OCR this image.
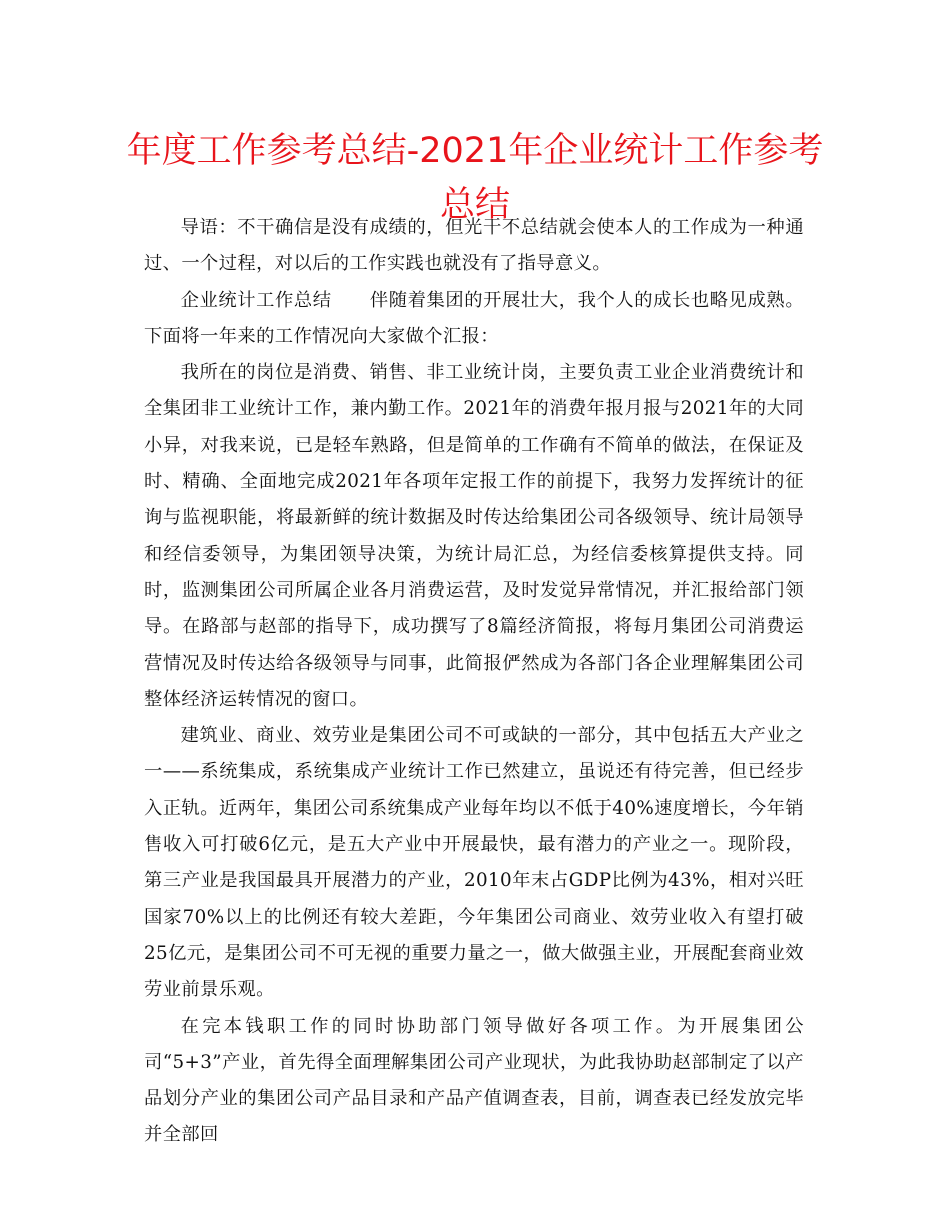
年度工作参考总结-2021年企业统计工作参考总结

导语：不干确信是没有成绩的，但光干不总结就会使本人的工作成为一种通过、一个过程，对以后的工作实践也就没有了指导意义。

企业统计工作总结 伴随着集团的开展壮大，我个人的成长也略见成熟。下面将一年来的工作情况向大家做个汇报：

我所在的岗位是消费、销售、非工业统计岗，主要负责工业企业消费统计和全集团非工业统计工作，兼内勤工作。2021年的消费年报月报与2021年的大同小异，对我来说，已是轻车熟路，但是简单的工作确有不简单的做法，在保证及时、精确、全面地完成2021年各项年定报工作的前提下，我努力发挥统计的征询与监视职能，将最新鲜的统计数据及时传达给集团公司各级领导、统计局领导和经信委领导，为集团领导决策，为统计局汇总，为经信委核算提供支持。同时，监测集团公司所属企业各月消费运营，及时发觉异常情况，并汇报给部门领导。在路部与赵部的指导下，成功撰写了8篇经济简报，将每月集团公司消费运营情况及时传达给各级领导与同事，此简报俨然成为各部门各企业理解集团公司整体经济运转情况的窗口。

建筑业、商业、效劳业是集团公司不可或缺的一部分，其中包括五大产业之一——系统集成，系统集成产业统计工作已然建立，虽说还有待完善，但已经步入正轨。近两年，集团公司系统集成产业每年均以不低于40%速度增长，今年销售收入可打破6亿元，是五大产业中开展最快，最有潜力的产业之一。现阶段，第三产业是我国最具开展潜力的产业，2010年末占GDP比例为43%，相对兴旺国家70%以上的比例还有较大差距，今年集团公司商业、效劳业收入有望打破25亿元，是集团公司不可无视的重要力量之一，做大做强主业，开展配套商业效劳业前景乐观。

在完本钱职工作的同时协助部门领导做好各项工作。为开展集团公司“5+3”产业，首先得全面理解集团公司产业现状，为此我协助赵部制定了以产品划分产业的集团公司产品目录和产品产值调查表，目前，调查表已经发放完毕并全部回
